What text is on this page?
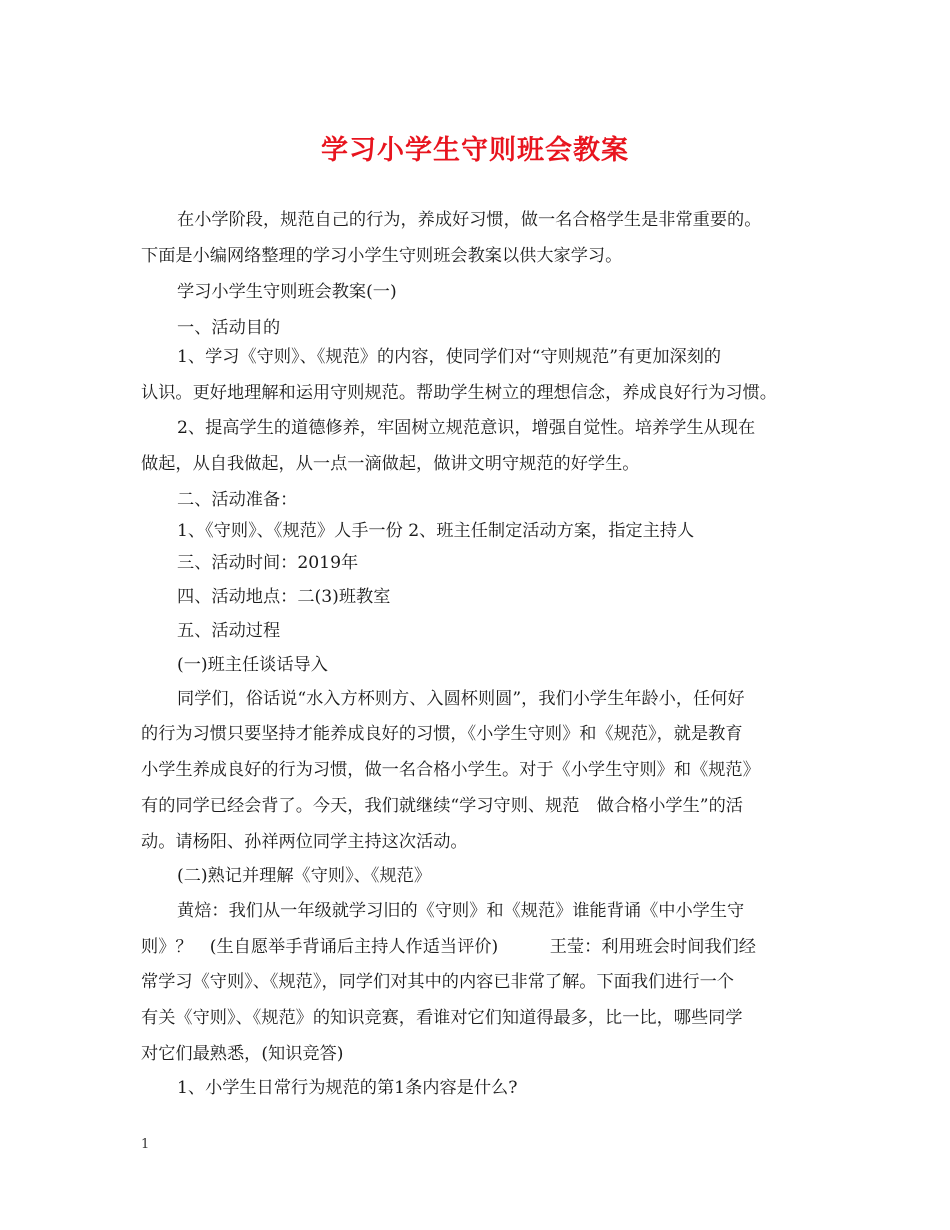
学习小学生守则班会教案
在小学阶段，规范自己的行为，养成好习惯，做一名合格学生是非常重要的。
下面是小编网络整理的学习小学生守则班会教案以供大家学习。
学习小学生守则班会教案(一)
一、活动目的
1、学习《守则》、《规范》的内容，使同学们对“守则规范”有更加深刻的
认识。更好地理解和运用守则规范。帮助学生树立的理想信念，养成良好行为习惯。
2、提高学生的道德修养，牢固树立规范意识，增强自觉性。培养学生从现在
做起，从自我做起，从一点一滴做起，做讲文明守规范的好学生。
二、活动准备：
1、《守则》、《规范》人手一份 2、班主任制定活动方案，指定主持人
三、活动时间：2019年
四、活动地点：二(3)班教室
五、活动过程
(一)班主任谈话导入
同学们，俗话说“水入方杯则方、入圆杯则圆”，我们小学生年龄小，任何好
的行为习惯只要坚持才能养成良好的习惯，《小学生守则》和《规范》，就是教育
小学生养成良好的行为习惯，做一名合格小学生。对于《小学生守则》和《规范》
有的同学已经会背了。今天，我们就继续“学习守则、规范　做合格小学生”的活
动。请杨阳、孙祥两位同学主持这次活动。
(二)熟记并理解《守则》、《规范》
黄焙：我们从一年级就学习旧的《守则》和《规范》谁能背诵《中小学生守
则》？　(生自愿举手背诵后主持人作适当评价)　　　王莹：利用班会时间我们经
常学习《守则》、《规范》，同学们对其中的内容已非常了解。下面我们进行一个
有关《守则》、《规范》的知识竞赛，看谁对它们知道得最多，比一比，哪些同学
对它们最熟悉，(知识竞答)
1、小学生日常行为规范的第1条内容是什么?
1
